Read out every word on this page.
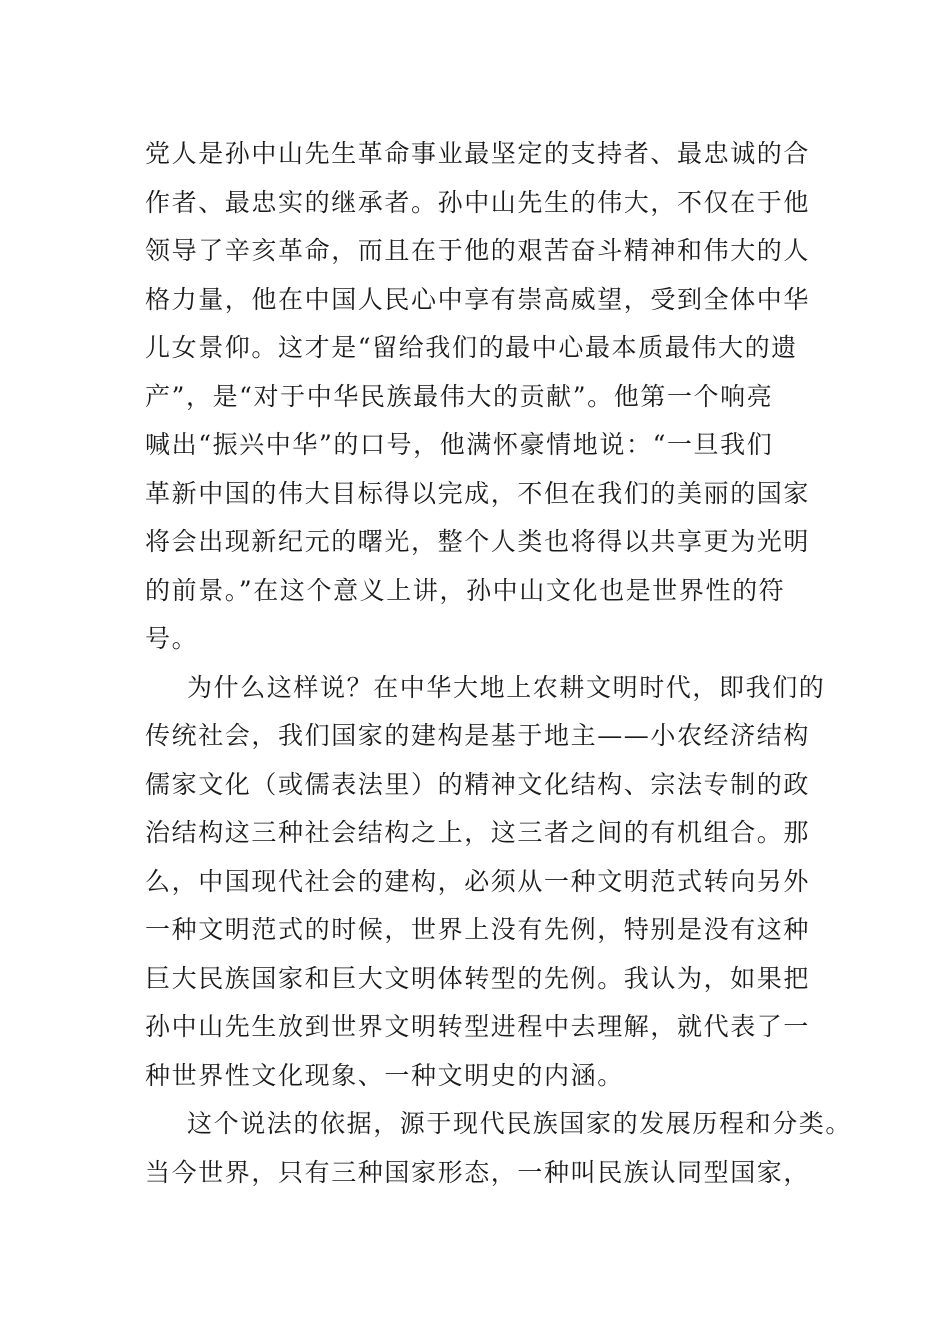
党人是孙中山先生革命事业最坚定的支持者、最忠诚的合
作者、最忠实的继承者。孙中山先生的伟大，不仅在于他
领导了辛亥革命，而且在于他的艰苦奋斗精神和伟大的人
格力量，他在中国人民心中享有崇高威望，受到全体中华
儿女景仰。这才是“留给我们的最中心最本质最伟大的遗
产”，是“对于中华民族最伟大的贡献”。他第一个响亮
喊出“振兴中华”的口号，他满怀豪情地说：“一旦我们
革新中国的伟大目标得以完成，不但在我们的美丽的国家
将会出现新纪元的曙光，整个人类也将得以共享更为光明
的前景。”在这个意义上讲，孙中山文化也是世界性的符
号。
为什么这样说？在中华大地上农耕文明时代，即我们的
传统社会，我们国家的建构是基于地主——小农经济结构
儒家文化（或儒表法里）的精神文化结构、宗法专制的政
治结构这三种社会结构之上，这三者之间的有机组合。那
么，中国现代社会的建构，必须从一种文明范式转向另外
一种文明范式的时候，世界上没有先例，特别是没有这种
巨大民族国家和巨大文明体转型的先例。我认为，如果把
孙中山先生放到世界文明转型进程中去理解，就代表了一
种世界性文化现象、一种文明史的内涵。
这个说法的依据，源于现代民族国家的发展历程和分类。
当今世界，只有三种国家形态，一种叫民族认同型国家，
